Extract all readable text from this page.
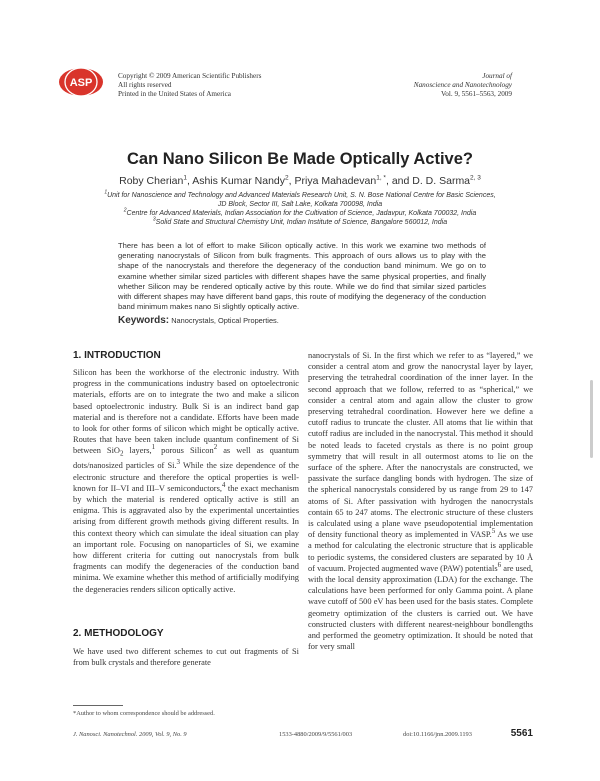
ASP
Copyright © 2009 American Scientific Publishers
All rights reserved
Printed in the United States of America
Journal of
Nanoscience and Nanotechnology
Vol. 9, 5561–5563, 2009
Can Nano Silicon Be Made Optically Active?
Roby Cherian$^1$, Ashis Kumar Nandy$^2$, Priya Mahadevan$^{1, *}$, and D. D. Sarma$^{2, 3}$
$^1$Unit for Nanoscience and Technology and Advanced Materials Research Unit, S. N. Bose National Centre for Basic Sciences,
JD Block, Sector III, Salt Lake, Kolkata 700098, India
$^2$Centre for Advanced Materials, Indian Association for the Cultivation of Science, Jadavpur, Kolkata 700032, India
$^3$Solid State and Structural Chemistry Unit, Indian Institute of Science, Bangalore 560012, India
There has been a lot of effort to make Silicon optically active. In this work we examine two methods of generating nanocrystals of Silicon from bulk fragments. This approach of ours allows us to play with the shape of the nanocrystals and therefore the degeneracy of the conduction band minimum. We go on to examine whether similar sized particles with different shapes have the same physical properties, and finally whether Silicon may be rendered optically active by this route. While we do find that similar sized particles with different shapes may have different band gaps, this route of modifying the degeneracy of the conduction band minimum makes nano Si slightly optically active.
Keywords: Nanocrystals, Optical Properties.
1. INTRODUCTION

Silicon has been the workhorse of the electronic industry. With progress in the communications industry based on optoelectronic materials, efforts are on to integrate the two and make a silicon based optoelectronic industry. Bulk Si is an indirect band gap material and is therefore not a candidate. Efforts have been made to look for other forms of silicon which might be optically active. Routes that have been taken include quantum confinement of Si between SiO$_2$ layers,$^1$ porous Silicon$^2$ as well as quantum dots/nanosized particles of Si.$^3$ While the size dependence of the electronic structure and therefore the optical properties is well-known for II–VI and III–V semiconductors,$^4$ the exact mechanism by which the material is rendered optically active is still an enigma. This is aggravated also by the experimental uncertainties arising from different growth methods giving different results. In this context theory which can simulate the ideal situation can play an important role. Focusing on nanoparticles of Si, we examine how different criteria for cutting out nanocrystals from bulk fragments can modify the degeneracies of the conduction band minima. We examine whether this method of artificially modifying the degeneracies renders silicon optically active.

2. METHODOLOGY
We have used two different schemes to cut out fragments of Si from bulk crystals and therefore generate

nanocrystals of Si. In the first which we refer to as “layered,” we consider a central atom and grow the nanocrystal layer by layer, preserving the tetrahedral coordination of the inner layer. In the second approach that we follow, referred to as “spherical,” we consider a central atom and again allow the cluster to grow preserving tetrahedral coordination. However here we define a cutoff radius to truncate the cluster. All atoms that lie within that cutoff radius are included in the nanocrystal. This method it should be noted leads to faceted crystals as there is no point group symmetry that will result in all outermost atoms to lie on the surface of the sphere. After the nanocrystals are constructed, we passivate the surface dangling bonds with hydrogen. The size of the spherical nanocrystals considered by us range from 29 to 147 atoms of Si. After passivation with hydrogen the nanocrystals contain 65 to 247 atoms. The electronic structure of these clusters is calculated using a plane wave pseudopotential implementation of density functional theory as implemented in VASP.$^5$ As we use a method for calculating the electronic structure that is applicable to periodic systems, the considered clusters are separated by 10 Å of vacuum. Projected augmented wave (PAW) potentials$^6$ are used, with the local density approximation (LDA) for the exchange. The calculations have been performed for only Gamma point. A plane wave cutoff of 500 eV has been used for the basis states. Complete geometry optimization of the clusters is carried out. We have constructed clusters with different nearest-neighbour bondlengths and performed the geometry optimization. It should be noted that for very small

*Author to whom correspondence should be addressed.
J. Nanosci. Nanotechnol. 2009, Vol. 9, No. 9	1533-4880/2009/9/5561/003	doi:10.1166/jnn.2009.1193	5561
